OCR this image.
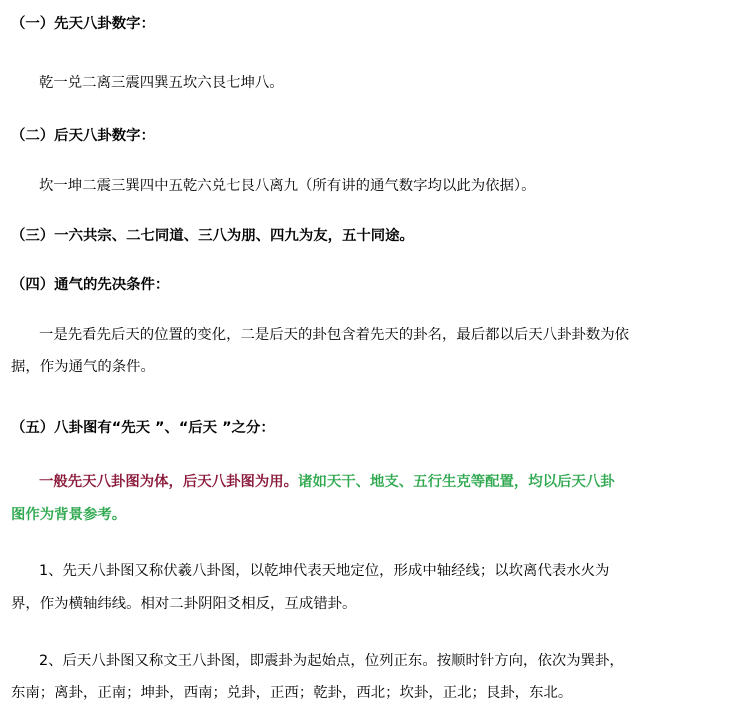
（一）先天八卦数字：
乾一兑二离三震四巽五坎六艮七坤八。
（二）后天八卦数字：
坎一坤二震三巽四中五乾六兑七艮八离九（所有讲的通气数字均以此为依据）。
（三）一六共宗、二七同道、三八为朋、四九为友，五十同途。
（四）通气的先决条件：
一是先看先后天的位置的变化，二是后天的卦包含着先天的卦名，最后都以后天八卦卦数为依
据，作为通气的条件。
（五）八卦图有“先天 ”、“后天 ”之分：
一般先天八卦图为体，后天八卦图为用。诸如天干、地支、五行生克等配置，均以后天八卦
图作为背景参考。
1、先天八卦图又称伏羲八卦图，以乾坤代表天地定位，形成中轴经线；以坎离代表水火为
界，作为横轴纬线。相对二卦阴阳爻相反，互成错卦。
2、后天八卦图又称文王八卦图，即震卦为起始点，位列正东。按顺时针方向，依次为巽卦，
东南；离卦，正南；坤卦，西南；兑卦，正西；乾卦，西北；坎卦，正北；艮卦，东北。
